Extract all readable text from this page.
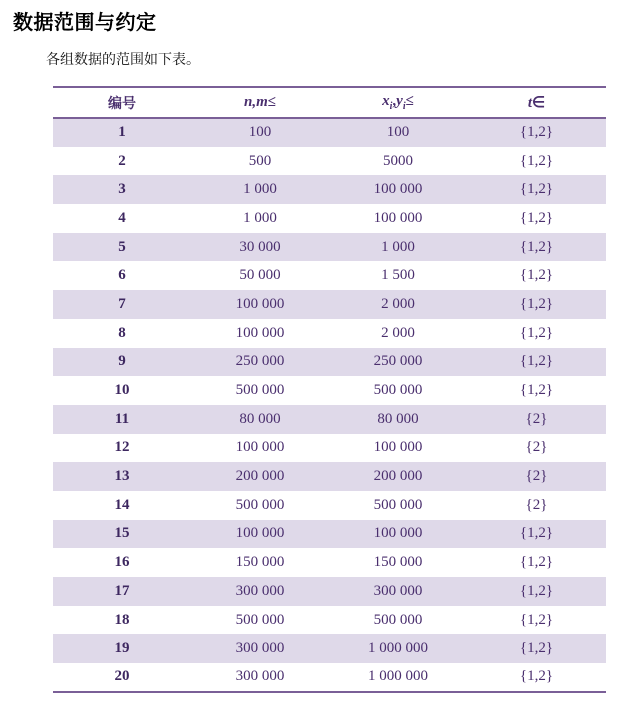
数据范围与约定
各组数据的范围如下表。
编号	n,m≤	$x_i,y_i\le$	t∈
1	100	100	{1,2}
2	500	5000	{1,2}
3	1 000	100 000	{1,2}
4	1 000	100 000	{1,2}
5	30 000	1 000	{1,2}
6	50 000	1 500	{1,2}
7	100 000	2 000	{1,2}
8	100 000	2 000	{1,2}
9	250 000	250 000	{1,2}
10	500 000	500 000	{1,2}
11	80 000	80 000	{2}
12	100 000	100 000	{2}
13	200 000	200 000	{2}
14	500 000	500 000	{2}
15	100 000	100 000	{1,2}
16	150 000	150 000	{1,2}
17	300 000	300 000	{1,2}
18	500 000	500 000	{1,2}
19	300 000	1 000 000	{1,2}
20	300 000	1 000 000	{1,2}
